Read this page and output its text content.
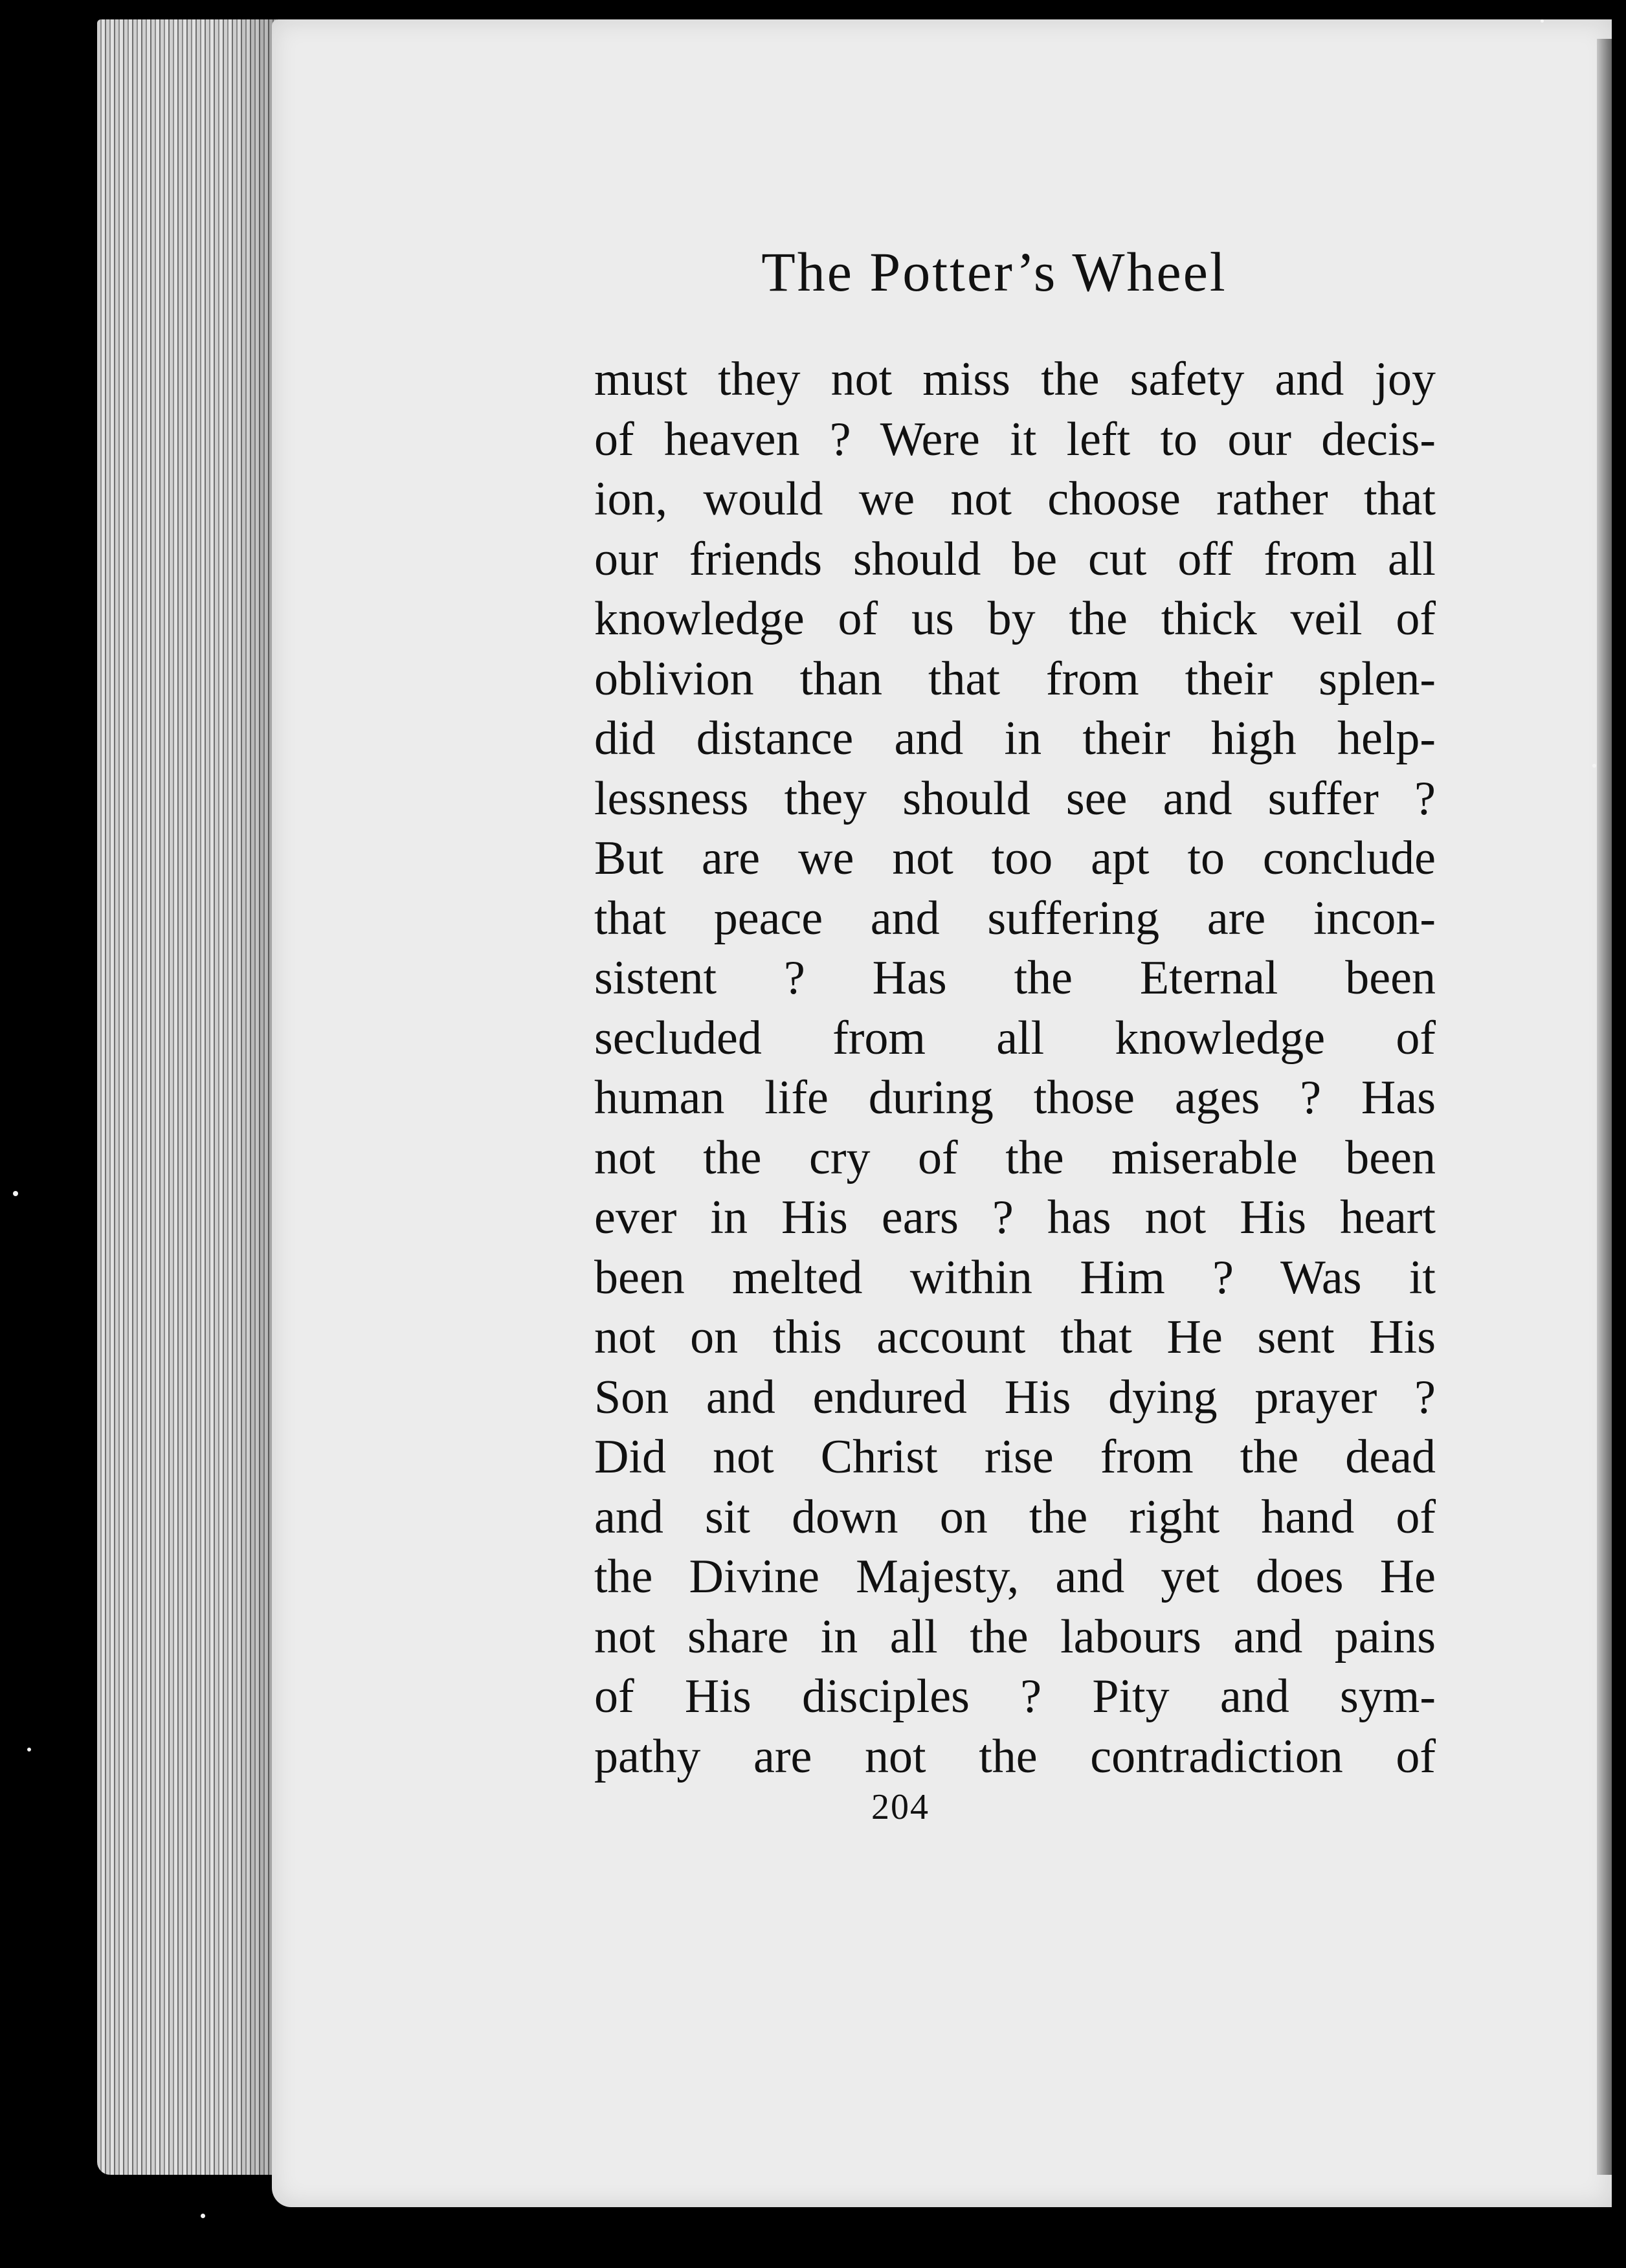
The Potter’s Wheel
must they not miss the safety and joy
of heaven ? Were it left to our decis-
ion, would we not choose rather that
our friends should be cut off from all
knowledge of us by the thick veil of
oblivion than that from their splen-
did distance and in their high help-
lessness they should see and suffer ?
But are we not too apt to conclude
that peace and suffering are incon-
sistent ? Has the Eternal been
secluded from all knowledge of
human life during those ages ? Has
not the cry of the miserable been
ever in His ears ? has not His heart
been melted within Him ? Was it
not on this account that He sent His
Son and endured His dying prayer ?
Did not Christ rise from the dead
and sit down on the right hand of
the Divine Majesty, and yet does He
not share in all the labours and pains
of His disciples ? Pity and sym-
pathy are not the contradiction of
204
